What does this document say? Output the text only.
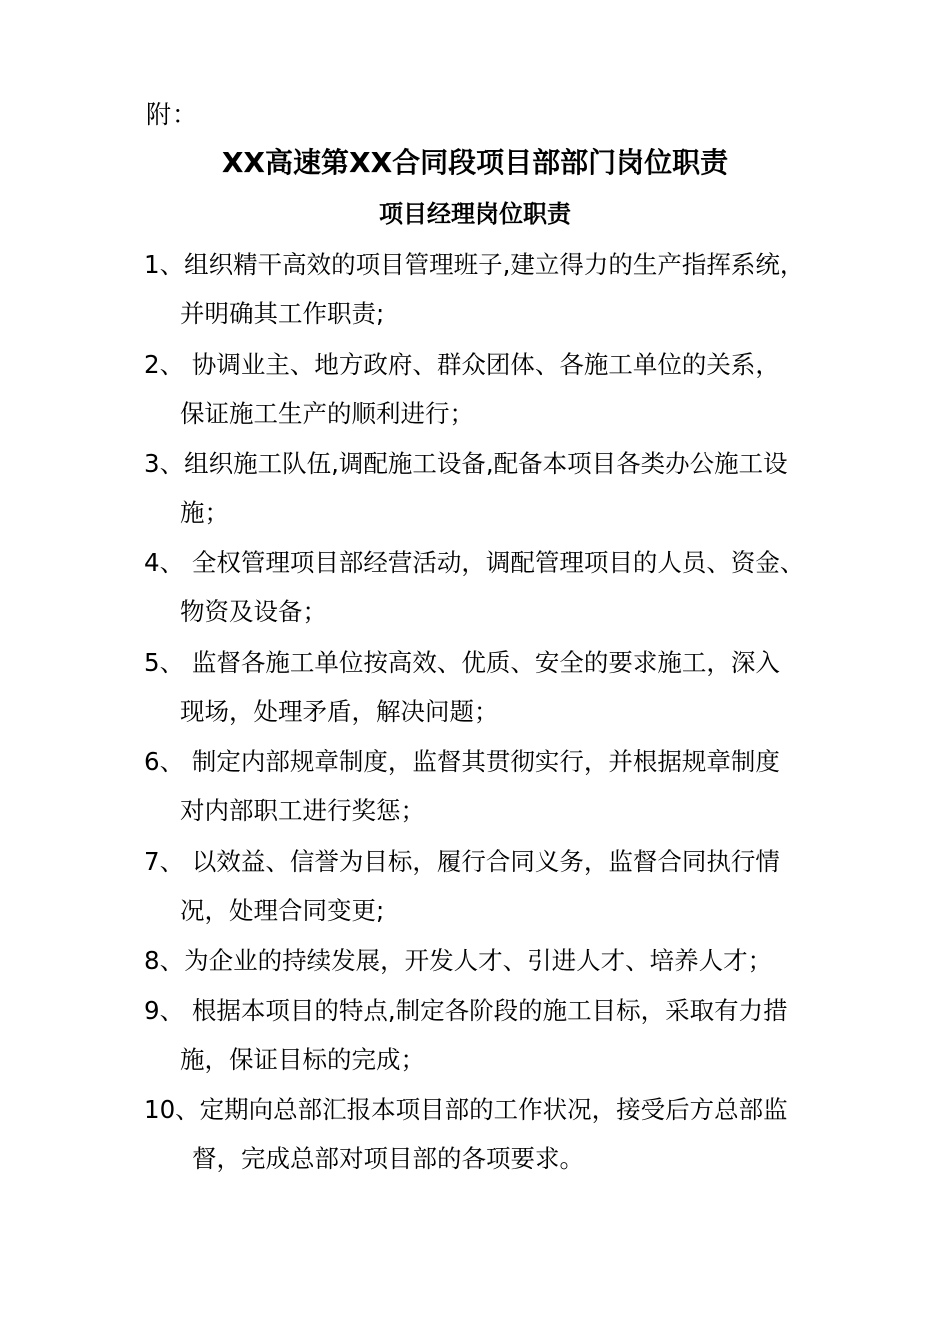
附：
XX高速第XX合同段项目部部门岗位职责
项目经理岗位职责
1、组织精干高效的项目管理班子,建立得力的生产指挥系统，
并明确其工作职责;
2、 协调业主、地方政府、群众团体、各施工单位的关系，
保证施工生产的顺利进行；
3、组织施工队伍,调配施工设备,配备本项目各类办公施工设
施；
4、 全权管理项目部经营活动，调配管理项目的人员、资金、
物资及设备；
5、 监督各施工单位按高效、优质、安全的要求施工，深入
现场，处理矛盾，解决问题；
6、 制定内部规章制度，监督其贯彻实行，并根据规章制度
对内部职工进行奖惩；
7、 以效益、信誉为目标，履行合同义务，监督合同执行情
况，处理合同变更;
8、为企业的持续发展，开发人才、引进人才、培养人才；
9、 根据本项目的特点,制定各阶段的施工目标，采取有力措
施，保证目标的完成；
10、定期向总部汇报本项目部的工作状况，接受后方总部监
督，完成总部对项目部的各项要求。
